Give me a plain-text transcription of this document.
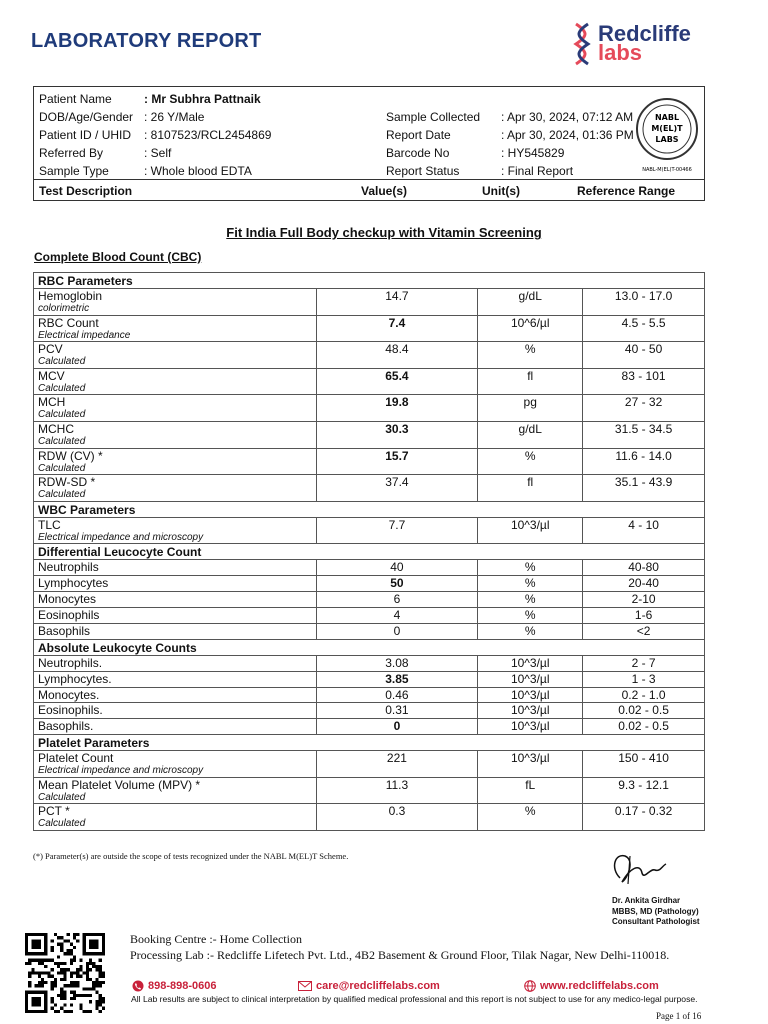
LABORATORY REPORT	Redcliffe
labs
Patient Name	: Mr Subhra Pattnaik
DOB/Age/Gender : 26 Y/Male	Sample Collected : Apr 30, 2024, 07:12 AM
Patient ID / UHID : 8107523/RCL2454869	Report Date	: Apr 30, 2024, 01:36 PM
Referred By	: Self	Barcode No	: HY545829
Sample Type	: Whole blood EDTA	Report Status	: Final Report
NABL
M(EL)T
LABS
NABL-M(EL)T-00466
Test Description	Value(s)	Unit(s)	Reference Range
Fit India Full Body checkup with Vitamin Screening
Complete Blood Count (CBC)
RBC Parameters			
Hemoglobin
colorimetric	14.7	g/dL	13.0 - 17.0
RBC Count
Electrical impedance	7.4	10^6/µl	4.5 - 5.5
PCV
Calculated	48.4	%	40 - 50
MCV
Calculated	65.4	fl	83 - 101
MCH
Calculated	19.8	pg	27 - 32
MCHC
Calculated	30.3	g/dL	31.5 - 34.5
RDW (CV) *
Calculated	15.7	%	11.6 - 14.0
RDW-SD *
Calculated	37.4	fl	35.1 - 43.9
WBC Parameters			
TLC
Electrical impedance and microscopy	7.7	10^3/µl	4 - 10
Differential Leucocyte Count			
Neutrophils	40	%	40-80
Lymphocytes	50	%	20-40
Monocytes	6	%	2-10
Eosinophils	4	%	1-6
Basophils	0	%	<2
Absolute Leukocyte Counts			
Neutrophils.	3.08	10^3/µl	2 - 7
Lymphocytes.	3.85	10^3/µl	1 - 3
Monocytes.	0.46	10^3/µl	0.2 - 1.0
Eosinophils.	0.31	10^3/µl	0.02 - 0.5
Basophils.	0	10^3/µl	0.02 - 0.5
Platelet Parameters			
Platelet Count
Electrical impedance and microscopy	221	10^3/µl	150 - 410
Mean Platelet Volume (MPV) *
Calculated	11.3	fL	9.3 - 12.1
PCT *
Calculated	0.3	%	0.17 - 0.32
(*) Parameter(s) are outside the scope of tests recognized under the NABL M(EL)T Scheme.
Dr. Ankita Girdhar
MBBS, MD (Pathology)
Consultant Pathologist
Booking Centre :- Home Collection
Processing Lab :- Redcliffe Lifetech Pvt. Ltd., 4B2 Basement & Ground Floor, Tilak Nagar, New Delhi-110018.
898-898-0606	care@redcliffelabs.com	www.redcliffelabs.com
All Lab results are subject to clinical interpretation by qualified medical professional and this report is not subject to use for any medico-legal purpose.
Page 1 of 16
